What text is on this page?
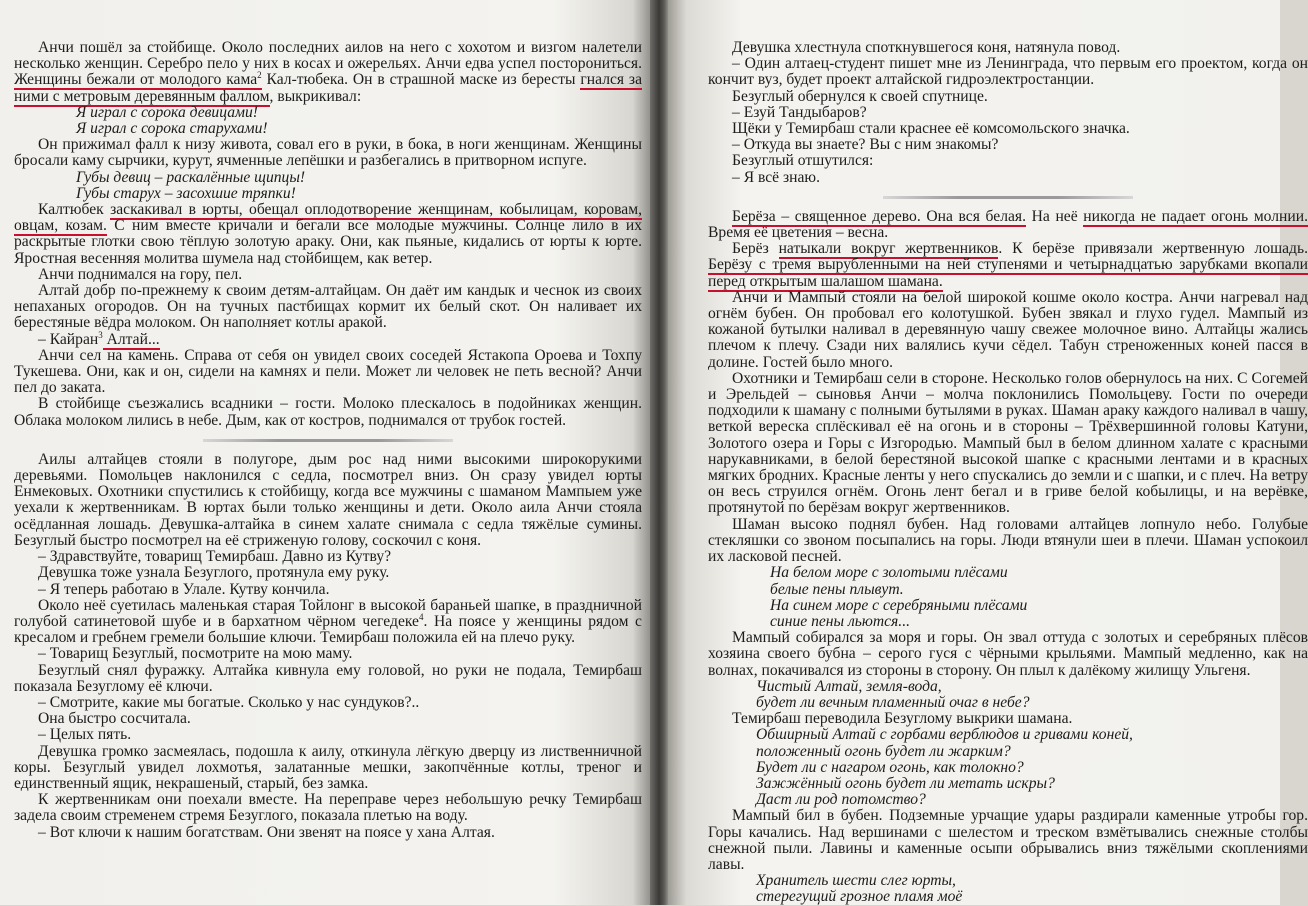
Анчи пошёл за стойбище. Около последних аилов на него с хохотом и визгом налетели несколько женщин. Серебро пело у них в косах и ожерельях. Анчи едва успел посторониться. Женщины бежали от молодого кама$^2$ Кал-тюбека. Он в страшной маске из бересты гнался за ними с метровым деревянным фаллом, выкрикивал:

Я играл с сорока девицами!
Я играл с сорока старухами!

Он прижимал фалл к низу живота, совал его в руки, в бока, в ноги женщинам. Женщины бросали каму сырчики, курут, ячменные лепёшки и разбегались в притворном испуге.

Губы девиц – раскалённые щипцы!
Губы старух – засохшие тряпки!

Калтюбек заскакивал в юрты, обещал оплодотворение женщинам, кобылицам, коровам, овцам, козам. С ним вместе кричали и бегали все молодые мужчины. Солнце лило в их раскрытые глотки свою тёплую золотую араку. Они, как пьяные, кидались от юрты к юрте. Яростная весенняя молитва шумела над стойбищем, как ветер.

Анчи поднимался на гору, пел.

Алтай добр по-прежнему к своим детям-алтайцам. Он даёт им кандык и чеснок из своих непаханых огородов. Он на тучных пастбищах кормит их белый скот. Он наливает их берестяные вёдра молоком. Он наполняет котлы аракой.

– Кайран$^3$ Алтай...

Анчи сел на камень. Справа от себя он увидел своих соседей Ястакопа Ороева и Тохпу Тукешева. Они, как и он, сидели на камнях и пели. Может ли человек не петь весной? Анчи пел до заката.

В стойбище съезжались всадники – гости. Молоко плескалось в подойниках женщин. Облака молоком лились в небе. Дым, как от костров, поднимался от трубок гостей.

Аилы алтайцев стояли в полугоре, дым рос над ними высокими широкорукими деревьями. Помольцев наклонился с седла, посмотрел вниз. Он сразу увидел юрты Енмековых. Охотники спустились к стойбищу, когда все мужчины с шаманом Мампыем уже уехали к жертвенникам. В юртах были только женщины и дети. Около аила Анчи стояла осёдланная лошадь. Девушка-алтайка в синем халате снимала с седла тяжёлые сумины. Безуглый быстро посмотрел на её стриженую голову, соскочил с коня.

– Здравствуйте, товарищ Темирбаш. Давно из Кутву?

Девушка тоже узнала Безуглого, протянула ему руку.

– Я теперь работаю в Улале. Кутву кончила.

Около неё суетилась маленькая старая Тойлонг в высокой бараньей шапке, в праздничной голубой сатинетовой шубе и в бархатном чёрном чегедеке$^4$. На поясе у женщины рядом с кресалом и гребнем гремели большие ключи. Темирбаш положила ей на плечо руку.

– Товарищ Безуглый, посмотрите на мою маму.

Безуглый снял фуражку. Алтайка кивнула ему головой, но руки не подала, Темирбаш показала Безуглому её ключи.

– Смотрите, какие мы богатые. Сколько у нас сундуков?..

Она быстро сосчитала.

– Целых пять.

Девушка громко засмеялась, подошла к аилу, откинула лёгкую дверцу из лиственничной коры. Безуглый увидел лохмотья, залатанные мешки, закопчённые котлы, треног и единственный ящик, некрашеный, старый, без замка.

К жертвенникам они поехали вместе. На переправе через небольшую речку Темирбаш задела своим стременем стремя Безуглого, показала плетью на воду.

– Вот ключи к нашим богатствам. Они звенят на поясе у хана Алтая.

Девушка хлестнула споткнувшегося коня, натянула повод.

– Один алтаец-студент пишет мне из Ленинграда, что первым его проектом, когда он кончит вуз, будет проект алтайской гидроэлектростанции.

Безуглый обернулся к своей спутнице.

– Езуй Тандыбаров?

Щёки у Темирбаш стали краснее её комсомольского значка.

– Откуда вы знаете? Вы с ним знакомы?

Безуглый отшутился:

– Я всё знаю.

Берёза – священное дерево. Она вся белая. На неё никогда не падает огонь молнии. Время её цветения – весна.

Берёз натыкали вокруг жертвенников. К берёзе привязали жертвенную лошадь. Берёзу с тремя вырубленными на ней ступенями и четырнадцатью зарубками вкопали перед открытым шалашом шамана.

Анчи и Мампый стояли на белой широкой кошме около костра. Анчи нагревал над огнём бубен. Он пробовал его колотушкой. Бубен звякал и глухо гудел. Мампый из кожаной бутылки наливал в деревянную чашу свежее молочное вино. Алтайцы жались плечом к плечу. Сзади них валялись кучи сёдел. Табун стреноженных коней пасся в долине. Гостей было много.

Охотники и Темирбаш сели в стороне. Несколько голов обернулось на них. С Согемей и Эрельдей – сыновья Анчи – молча поклонились Помольцеву. Гости по очереди подходили к шаману с полными бутылями в руках. Шаман араку каждого наливал в чашу, веткой вереска сплёскивал её на огонь и в стороны – Трёхвершинной головы Катуни, Золотого озера и Горы с Изгородью. Мампый был в белом длинном халате с красными нарукавниками, в белой берестяной высокой шапке с красными лентами и в красных мягких бродних. Красные ленты у него спускались до земли и с шапки, и с плеч. На ветру он весь струился огнём. Огонь лент бегал и в гриве белой кобылицы, и на верёвке, протянутой по берёзам вокруг жертвенников.

Шаман высоко поднял бубен. Над головами алтайцев лопнуло небо. Голубые стекляшки со звоном посыпались на горы. Люди втянули шеи в плечи. Шаман успокоил их ласковой песней.

На белом море с золотыми плёсами
белые пены плывут.
На синем море с серебряными плёсами
синие пены льются...

Мампый собирался за моря и горы. Он звал оттуда с золотых и серебряных плёсов хозяина своего бубна – серого гуся с чёрными крыльями. Мампый медленно, как на волнах, покачивался из стороны в сторону. Он плыл к далёкому жилищу Ульгеня.

Чистый Алтай, земля-вода,
будет ли вечным пламенный очаг в небе?

Темирбаш переводила Безуглому выкрики шамана.

Обширный Алтай с горбами верблюдов и гривами коней,
положенный огонь будет ли жарким?
Будет ли с нагаром огонь, как толокно?
Зажжённый огонь будет ли метать искры?
Даст ли род потомство?

Мампый бил в бубен. Подземные урчащие удары раздирали каменные утробы гор. Горы качались. Над вершинами с шелестом и треском взмётывались снежные столбы снежной пыли. Лавины и каменные осыпи обрывались вниз тяжёлыми скоплениями лавы.

Хранитель шести слег юрты,
стерегущий грозное пламя моё
